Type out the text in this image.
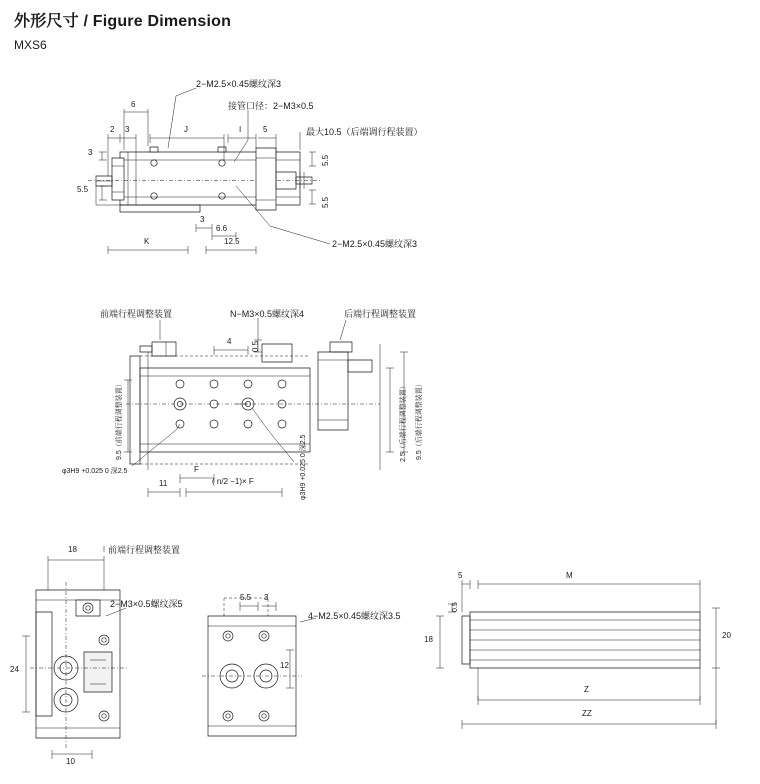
外形尺寸 / Figure Dimension
MXS6
2−M2.5×0.45螺纹深3
接管口径：2−M3×0.5
最大10.5（后端调行程装置）
2−M2.5×0.45螺纹深3
6
2 3	J	I	5
3
5.5
5.5
5.5
3
6.6
K	12.5
前端行程调整装置	N−M3×0.5螺纹深4	后端行程调整装置
4 0.5
9.5（前端行程调整装置）	9.5（后端行程调整装置）
2.5（后端行程调整装置）
φ3H9 +0.025 0 深2.5	φ3H9 +0.025 0 深2.5
11
F
( n/2 −1)× F
18	前端行程调整装置
2−M3×0.5螺纹深5
24
10
5.5 3
4−M2.5×0.45螺纹深3.5
12
5	M
0.5
18	20
Z
ZZ
